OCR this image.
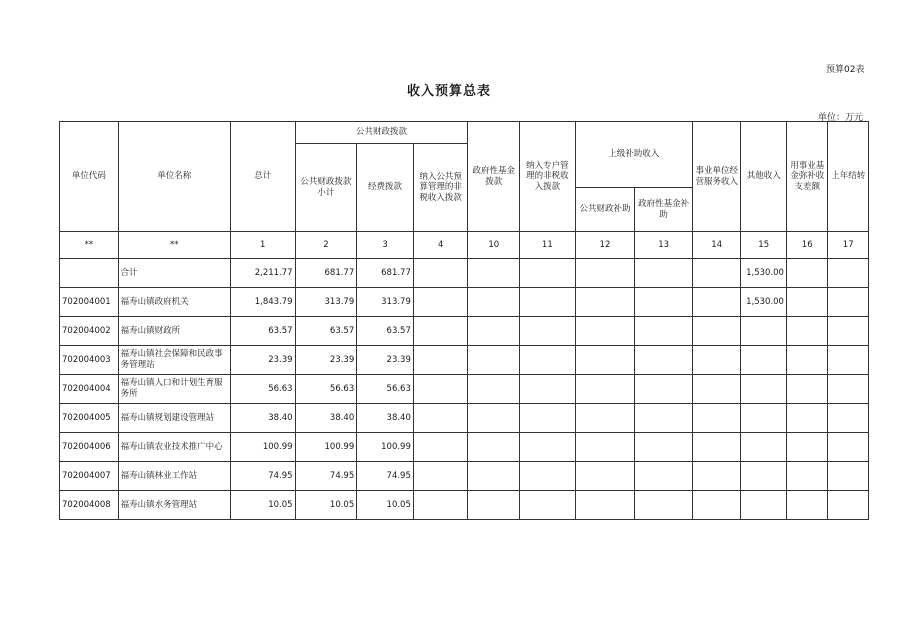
预算02表
收入预算总表
单位：万元
单位代码	单位名称	总计	公共财政拨款			政府性基金拨款	纳入专户管理的非税收入拨款	上级补助收入		事业单位经营服务收入	其他收入	用事业基金弥补收支差额	上年结转
			公共财政拨款小计	经费拨款	纳入公共预算管理的非税收入拨款								
								公共财政补助	政府性基金补助				
**	**	1	2	3	4	10	11	12	13	14	15	16	17
	合计	2,211.77	681.77	681.77							1,530.00		
702004001	福寿山镇政府机关	1,843.79	313.79	313.79							1,530.00		
702004002	福寿山镇财政所	63.57	63.57	63.57									
702004003	福寿山镇社会保障和民政事务管理站	23.39	23.39	23.39									
702004004	福寿山镇人口和计划生育服务所	56.63	56.63	56.63									
702004005	福寿山镇规划建设管理站	38.40	38.40	38.40									
702004006	福寿山镇农业技术推广中心	100.99	100.99	100.99									
702004007	福寿山镇林业工作站	74.95	74.95	74.95									
702004008	福寿山镇水务管理站	10.05	10.05	10.05									
